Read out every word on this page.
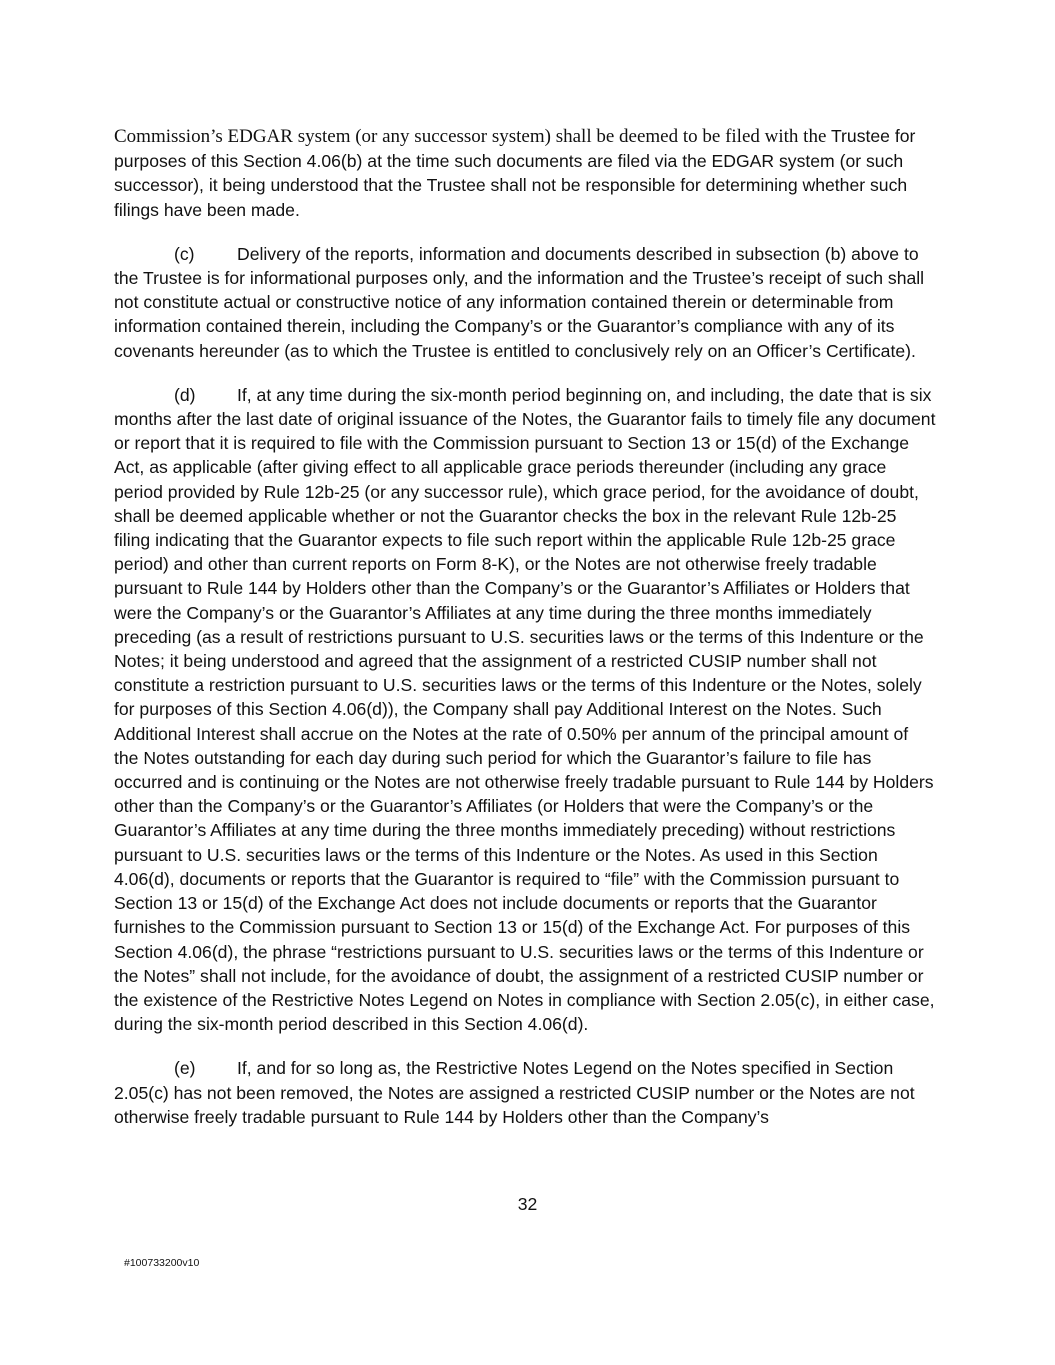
Commission’s EDGAR system (or any successor system) shall be deemed to be filed with the Trustee for purposes of this Section 4.06(b) at the time such documents are filed via the EDGAR system (or such successor), it being understood that the Trustee shall not be responsible for determining whether such filings have been made.

(c) Delivery of the reports, information and documents described in subsection (b) above to the Trustee is for informational purposes only, and the information and the Trustee’s receipt of such shall not constitute actual or constructive notice of any information contained therein or determinable from information contained therein, including the Company’s or the Guarantor’s compliance with any of its covenants hereunder (as to which the Trustee is entitled to conclusively rely on an Officer’s Certificate).

(d) If, at any time during the six-month period beginning on, and including, the date that is six months after the last date of original issuance of the Notes, the Guarantor fails to timely file any document or report that it is required to file with the Commission pursuant to Section 13 or 15(d) of the Exchange Act, as applicable (after giving effect to all applicable grace periods thereunder (including any grace period provided by Rule 12b-25 (or any successor rule), which grace period, for the avoidance of doubt, shall be deemed applicable whether or not the Guarantor checks the box in the relevant Rule 12b-25 filing indicating that the Guarantor expects to file such report within the applicable Rule 12b-25 grace period) and other than current reports on Form 8-K), or the Notes are not otherwise freely tradable pursuant to Rule 144 by Holders other than the Company’s or the Guarantor’s Affiliates or Holders that were the Company’s or the Guarantor’s Affiliates at any time during the three months immediately preceding (as a result of restrictions pursuant to U.S. securities laws or the terms of this Indenture or the Notes; it being understood and agreed that the assignment of a restricted CUSIP number shall not constitute a restriction pursuant to U.S. securities laws or the terms of this Indenture or the Notes, solely for purposes of this Section 4.06(d)), the Company shall pay Additional Interest on the Notes. Such Additional Interest shall accrue on the Notes at the rate of 0.50% per annum of the principal amount of the Notes outstanding for each day during such period for which the Guarantor’s failure to file has occurred and is continuing or the Notes are not otherwise freely tradable pursuant to Rule 144 by Holders other than the Company’s or the Guarantor’s Affiliates (or Holders that were the Company’s or the Guarantor’s Affiliates at any time during the three months immediately preceding) without restrictions pursuant to U.S. securities laws or the terms of this Indenture or the Notes. As used in this Section 4.06(d), documents or reports that the Guarantor is required to “file” with the Commission pursuant to Section 13 or 15(d) of the Exchange Act does not include documents or reports that the Guarantor furnishes to the Commission pursuant to Section 13 or 15(d) of the Exchange Act. For purposes of this Section 4.06(d), the phrase “restrictions pursuant to U.S. securities laws or the terms of this Indenture or the Notes” shall not include, for the avoidance of doubt, the assignment of a restricted CUSIP number or the existence of the Restrictive Notes Legend on Notes in compliance with Section 2.05(c), in either case, during the six-month period described in this Section 4.06(d).

(e) If, and for so long as, the Restrictive Notes Legend on the Notes specified in Section 2.05(c) has not been removed, the Notes are assigned a restricted CUSIP number or the Notes are not otherwise freely tradable pursuant to Rule 144 by Holders other than the Company’s

32
#100733200v10
